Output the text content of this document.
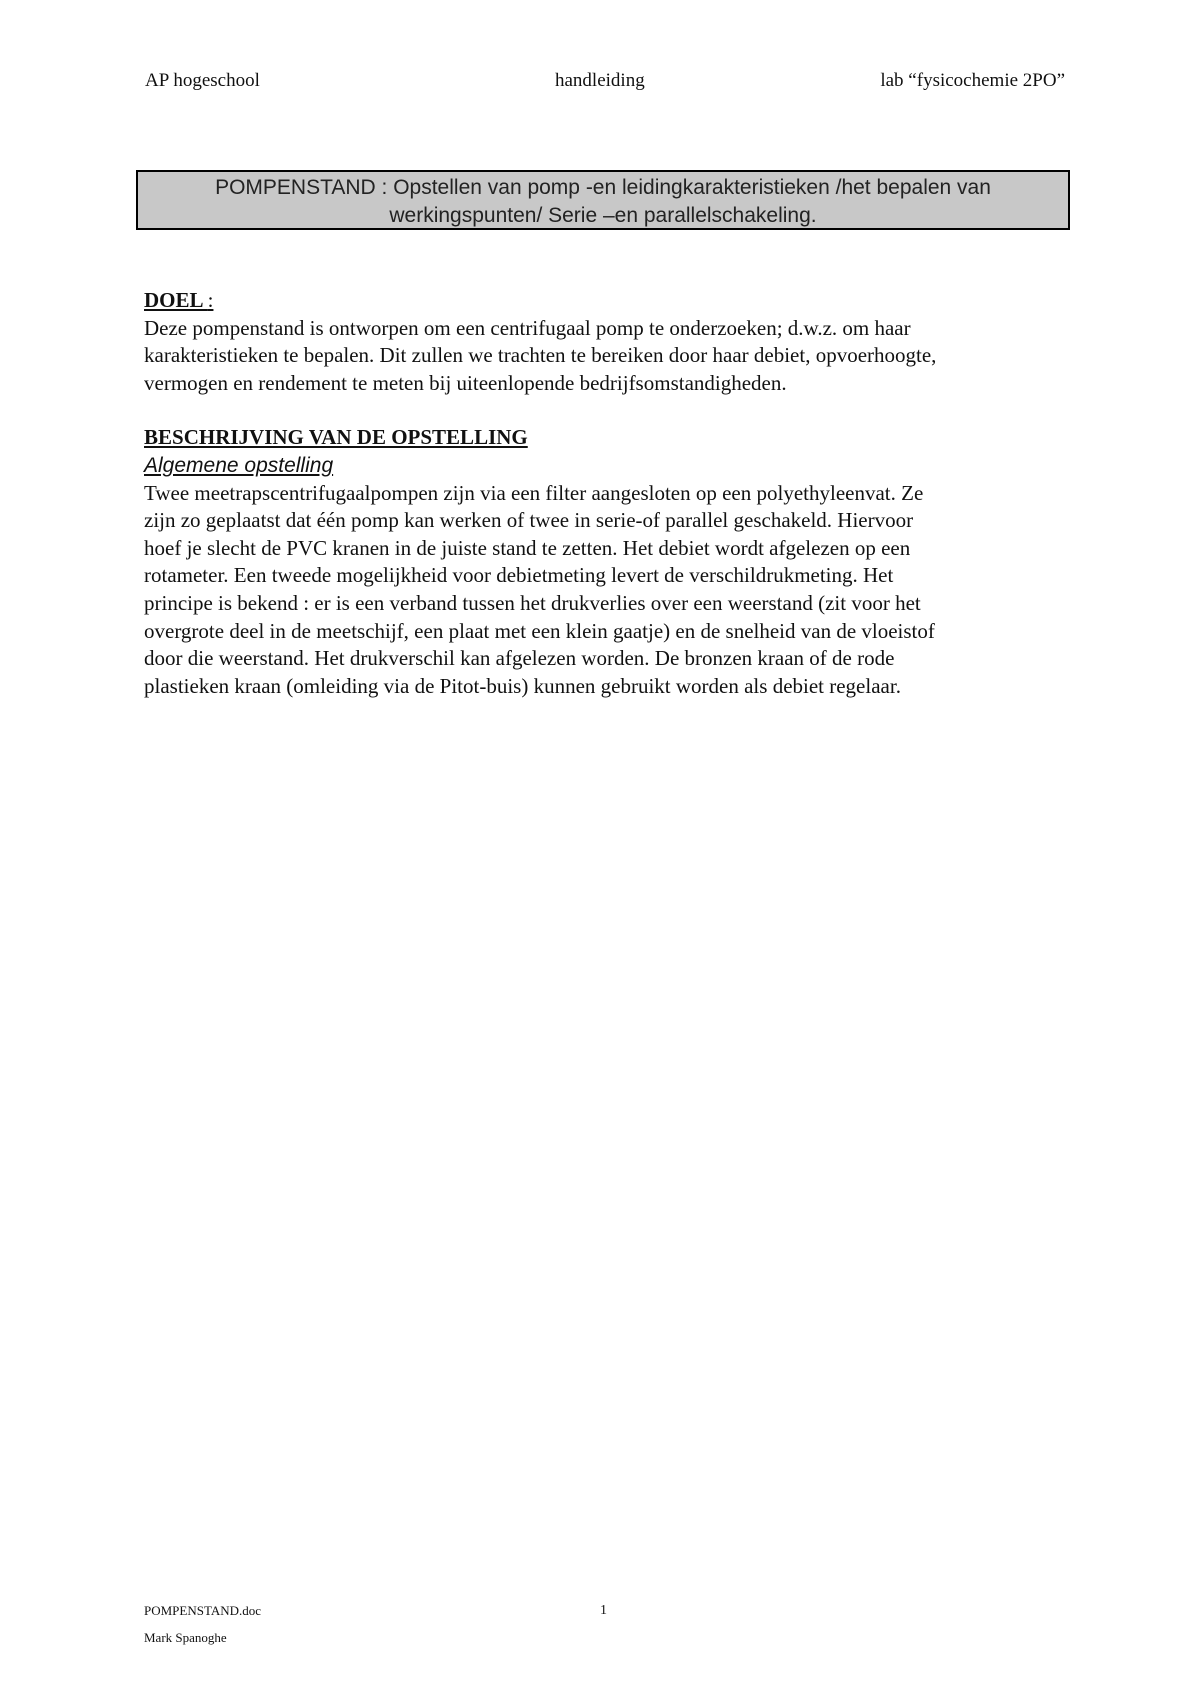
AP hogeschool	handleiding	lab “fysicochemie 2PO”
POMPENSTAND : Opstellen van pomp -en leidingkarakteristieken /het bepalen van
werkingspunten/ Serie –en parallelschakeling.
DOEL :
Deze pompenstand is ontworpen om een centrifugaal pomp te onderzoeken; d.w.z. om haar
karakteristieken te bepalen. Dit zullen we trachten te bereiken door haar debiet, opvoerhoogte,
vermogen en rendement te meten bij uiteenlopende bedrijfsomstandigheden.
BESCHRIJVING VAN DE OPSTELLING
Algemene opstelling
Twee meetrapscentrifugaalpompen zijn via een filter aangesloten op een polyethyleenvat. Ze
zijn zo geplaatst dat één pomp kan werken of twee in serie-of parallel geschakeld. Hiervoor
hoef je slecht de PVC kranen in de juiste stand te zetten. Het debiet wordt afgelezen op een
rotameter. Een tweede mogelijkheid voor debietmeting levert de verschildrukmeting. Het
principe is bekend : er is een verband tussen het drukverlies over een weerstand (zit voor het
overgrote deel in de meetschijf, een plaat met een klein gaatje) en de snelheid van de vloeistof
door die weerstand. Het drukverschil kan afgelezen worden. De bronzen kraan of de rode
plastieken kraan (omleiding via de Pitot-buis) kunnen gebruikt worden als debiet regelaar.
POMPENSTAND.doc	1
Mark Spanoghe
